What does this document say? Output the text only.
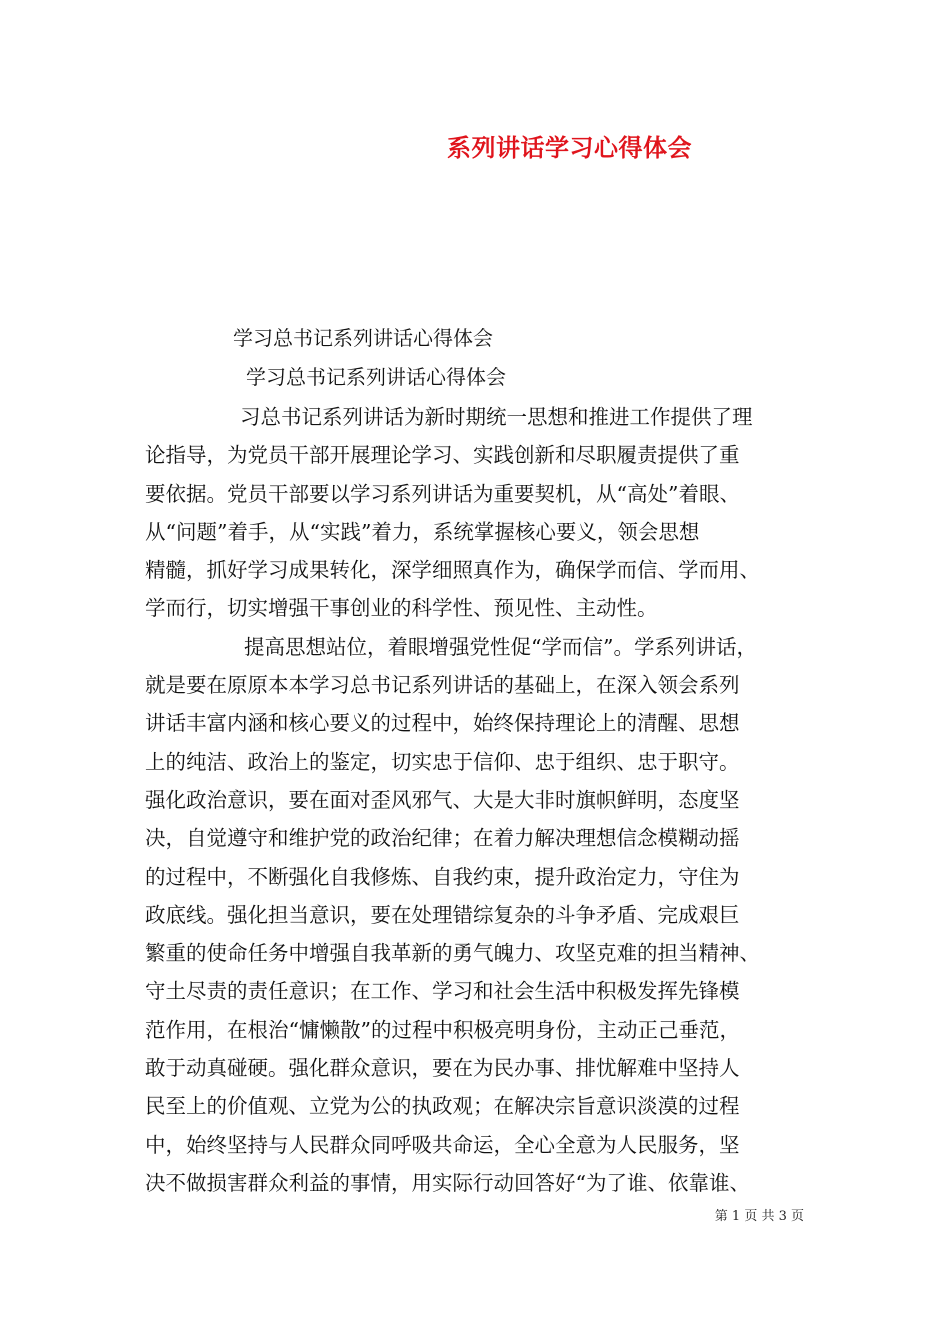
系列讲话学习心得体会
学习总书记系列讲话心得体会
学习总书记系列讲话心得体会
习总书记系列讲话为新时期统一思想和推进工作提供了理
论指导，为党员干部开展理论学习、实践创新和尽职履责提供了重
要依据。党员干部要以学习系列讲话为重要契机，从“高处”着眼、
从“问题”着手，从“实践”着力，系统掌握核心要义，领会思想
精髓，抓好学习成果转化，深学细照真作为，确保学而信、学而用、
学而行，切实增强干事创业的科学性、预见性、主动性。
提高思想站位，着眼增强党性促“学而信”。学系列讲话，
就是要在原原本本学习总书记系列讲话的基础上，在深入领会系列
讲话丰富内涵和核心要义的过程中，始终保持理论上的清醒、思想
上的纯洁、政治上的鉴定，切实忠于信仰、忠于组织、忠于职守。
强化政治意识，要在面对歪风邪气、大是大非时旗帜鲜明，态度坚
决，自觉遵守和维护党的政治纪律；在着力解决理想信念模糊动摇
的过程中，不断强化自我修炼、自我约束，提升政治定力，守住为
政底线。强化担当意识，要在处理错综复杂的斗争矛盾、完成艰巨
繁重的使命任务中增强自我革新的勇气魄力、攻坚克难的担当精神、
守土尽责的责任意识；在工作、学习和社会生活中积极发挥先锋模
范作用，在根治“慵懒散”的过程中积极亮明身份，主动正己垂范，
敢于动真碰硬。强化群众意识，要在为民办事、排忧解难中坚持人
民至上的价值观、立党为公的执政观；在解决宗旨意识淡漠的过程
中，始终坚持与人民群众同呼吸共命运，全心全意为人民服务，坚
决不做损害群众利益的事情，用实际行动回答好“为了谁、依靠谁、
第 1 页 共 3 页
